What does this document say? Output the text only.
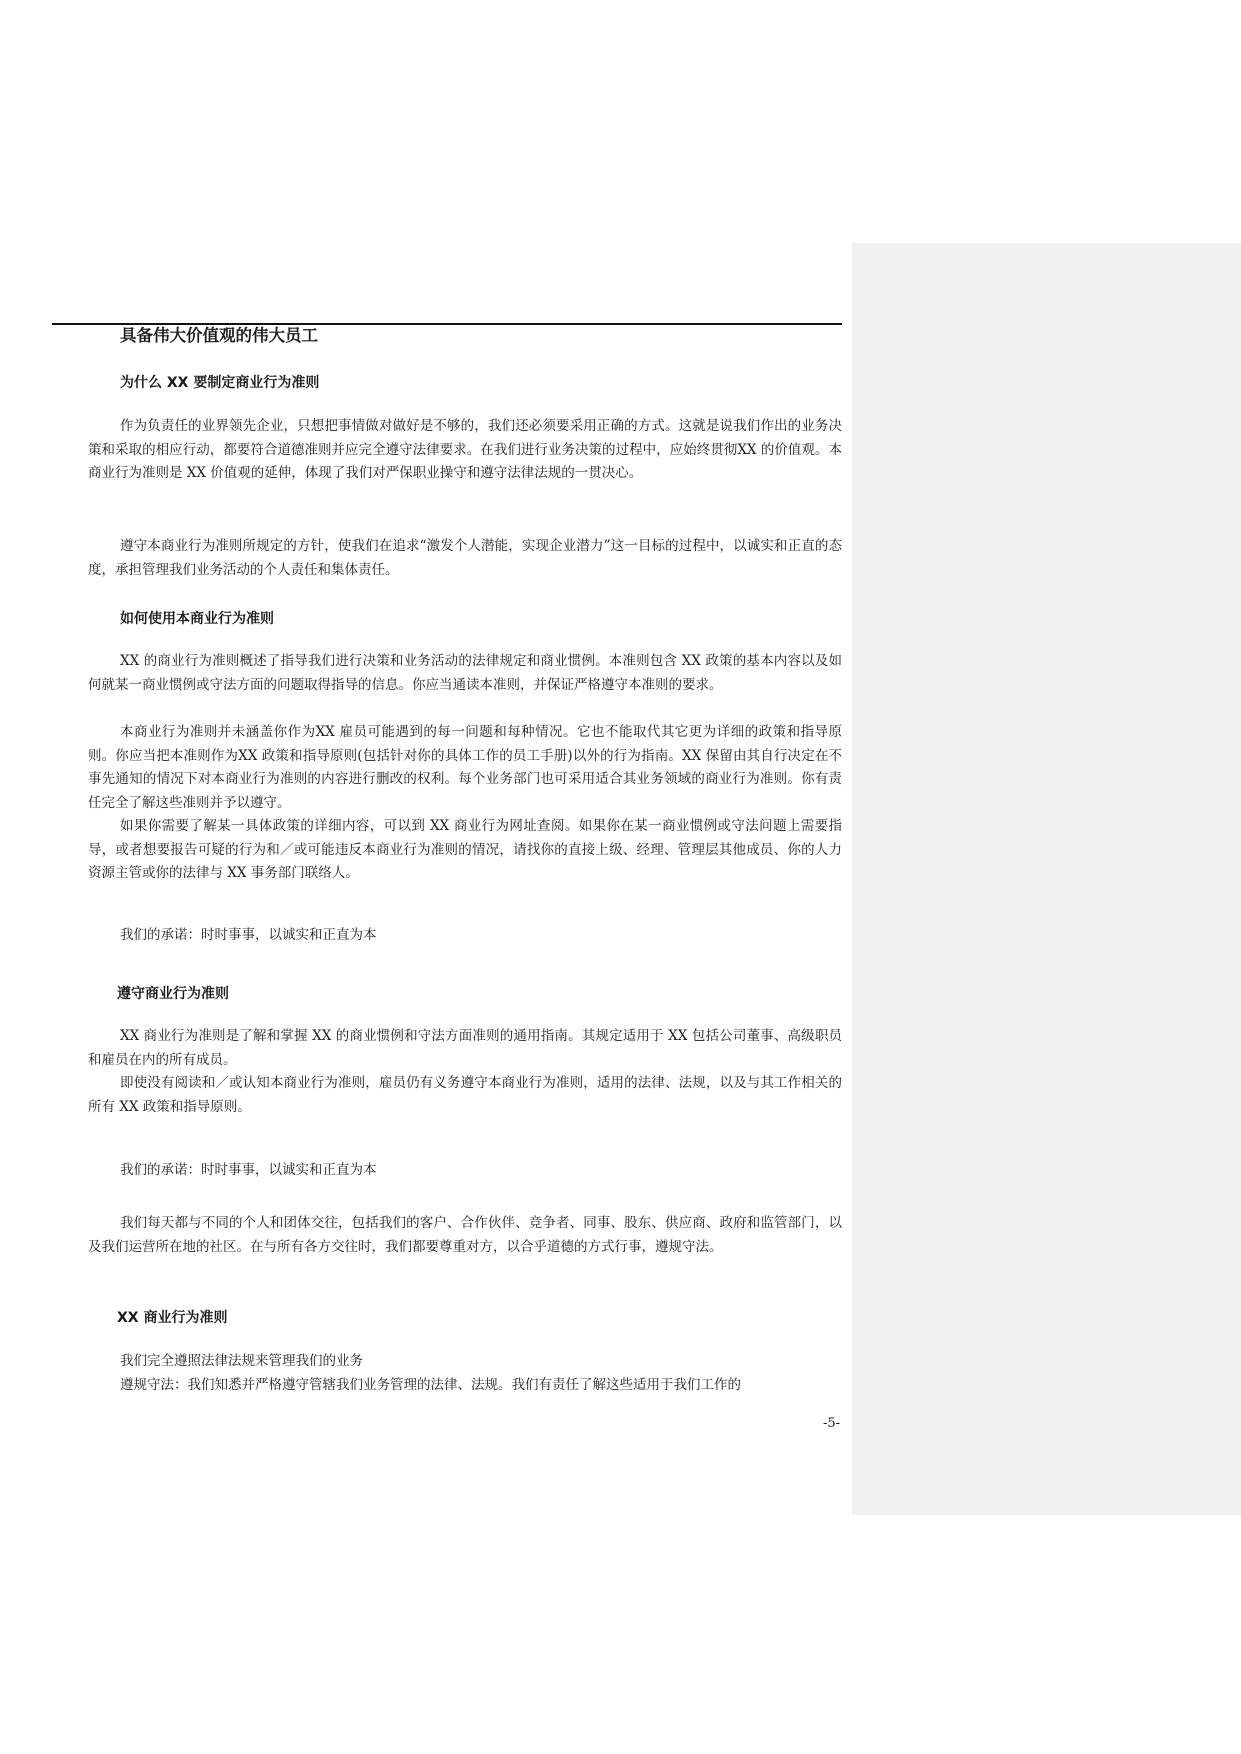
具备伟大价值观的伟大员工
为什么 XX 要制定商业行为准则

作为负责任的业界领先企业，只想把事情做对做好是不够的，我们还必须要采用正确的方式。这就是说我们作出的业务决策和采取的相应行动，都要符合道德准则并应完全遵守法律要求。在我们进行业务决策的过程中，应始终贯彻XX 的价值观。本商业行为准则是 XX 价值观的延伸，体现了我们对严保职业操守和遵守法律法规的一贯决心。

遵守本商业行为准则所规定的方针，使我们在追求“激发个人潜能，实现企业潜力”这一目标的过程中，以诚实和正直的态度，承担管理我们业务活动的个人责任和集体责任。

如何使用本商业行为准则

XX 的商业行为准则概述了指导我们进行决策和业务活动的法律规定和商业惯例。本准则包含 XX 政策的基本内容以及如何就某一商业惯例或守法方面的问题取得指导的信息。你应当通读本准则，并保证严格遵守本准则的要求。

本商业行为准则并未涵盖你作为XX 雇员可能遇到的每一问题和每种情况。它也不能取代其它更为详细的政策和指导原则。你应当把本准则作为XX 政策和指导原则(包括针对你的具体工作的员工手册)以外的行为指南。XX 保留由其自行决定在不事先通知的情况下对本商业行为准则的内容进行删改的权利。每个业务部门也可采用适合其业务领域的商业行为准则。你有责任完全了解这些准则并予以遵守。

如果你需要了解某一具体政策的详细内容，可以到 XX 商业行为网址查阅。如果你在某一商业惯例或守法问题上需要指导，或者想要报告可疑的行为和／或可能违反本商业行为准则的情况，请找你的直接上级、经理、管理层其他成员、你的人力资源主管或你的法律与 XX 事务部门联络人。

我们的承诺：时时事事，以诚实和正直为本
遵守商业行为准则

XX 商业行为准则是了解和掌握 XX 的商业惯例和守法方面准则的通用指南。其规定适用于 XX 包括公司董事、高级职员和雇员在内的所有成员。

即使没有阅读和／或认知本商业行为准则，雇员仍有义务遵守本商业行为准则，适用的法律、法规，以及与其工作相关的所有 XX 政策和指导原则。

我们的承诺：时时事事，以诚实和正直为本

我们每天都与不同的个人和团体交往，包括我们的客户、合作伙伴、竞争者、同事、股东、供应商、政府和监管部门，以及我们运营所在地的社区。在与所有各方交往时，我们都要尊重对方，以合乎道德的方式行事，遵规守法。

XX 商业行为准则

我们完全遵照法律法规来管理我们的业务

遵规守法：我们知悉并严格遵守管辖我们业务管理的法律、法规。我们有责任了解这些适用于我们工作的

-5-
